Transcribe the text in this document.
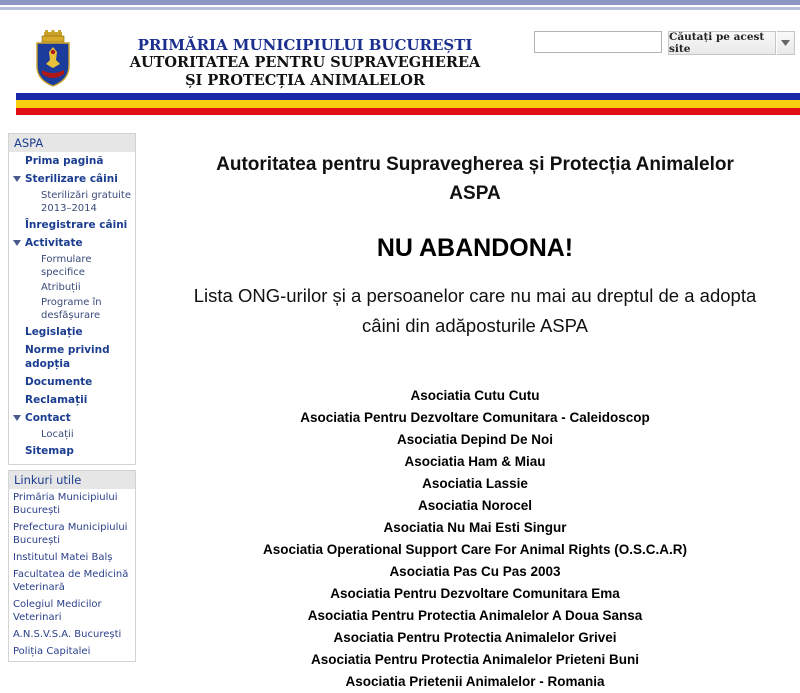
PRIMĂRIA MUNICIPIULUI BUCUREȘTI
AUTORITATEA PENTRU SUPRAVEGHEREA
ȘI PROTECȚIA ANIMALELOR
Căutați pe acest site
ASPA
Prima pagină
Sterilizare câini
Sterilizări gratuite 2013–2014
Înregistrare câini
Activitate
Formulare specifice
Atribuții
Programe în desfășurare
Legislație
Norme privind adopția
Documente
Reclamații
Contact
Locații
Sitemap
Linkuri utile
Primăria Municipiului București
Prefectura Municipiului București
Institutul Matei Balș
Facultatea de Medicină Veterinară
Colegiul Medicilor Veterinari
A.N.S.V.S.A. București
Poliția Capitalei
Autoritatea pentru Supravegherea și Protecția Animalelor
ASPA
NU ABANDONA!
Lista ONG-urilor și a persoanelor care nu mai au dreptul de a adopta
câini din adăposturile ASPA
Asociatia Cutu Cutu
Asociatia Pentru Dezvoltare Comunitara - Caleidoscop
Asociatia Depind De Noi
Asociatia Ham & Miau
Asociatia Lassie
Asociatia Norocel
Asociatia Nu Mai Esti Singur
Asociatia Operational Support Care For Animal Rights (O.S.C.A.R)
Asociatia Pas Cu Pas 2003
Asociatia Pentru Dezvoltare Comunitara Ema
Asociatia Pentru Protectia Animalelor A Doua Sansa
Asociatia Pentru Protectia Animalelor Grivei
Asociatia Pentru Protectia Animalelor Prieteni Buni
Asociatia Prietenii Animalelor - Romania
